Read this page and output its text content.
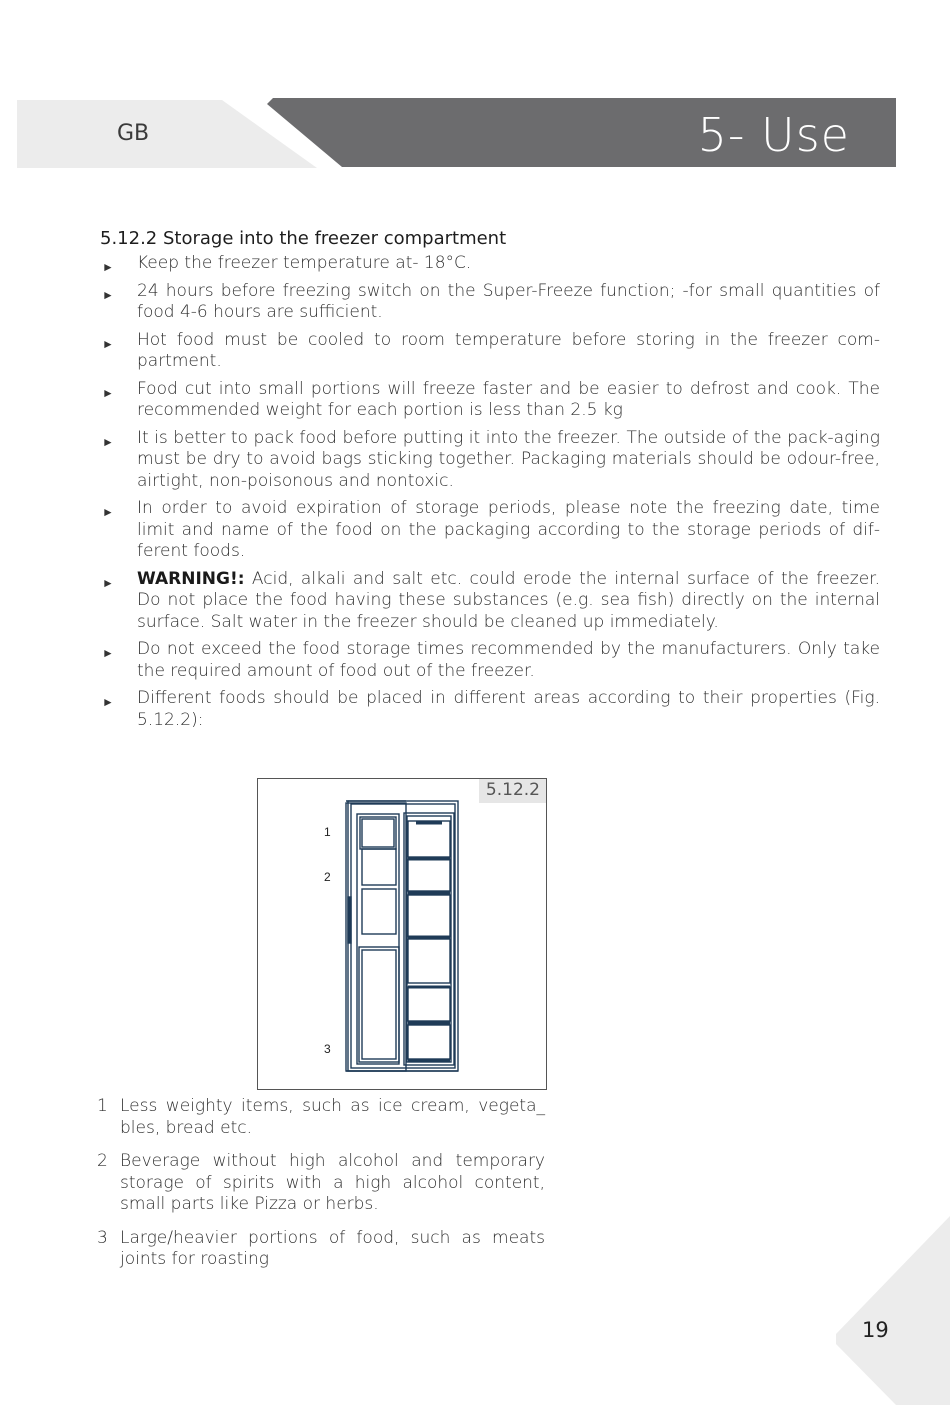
GB	5- Use
5.12.2 Storage into the freezer compartment
► Keep the freezer temperature at- 18°C.
► 24 hours before freezing switch on the Super-Freeze function; -for small quantities of food 4-6 hours are sufficient.
► Hot food must be cooled to room temperature before storing in the freezer com-partment.
► Food cut into small portions will freeze faster and be easier to defrost and cook. The recommended weight for each portion is less than 2.5 kg
► It is better to pack food before putting it into the freezer. The outside of the pack-aging must be dry to avoid bags sticking together. Packaging materials should be odour-free, airtight, non-poisonous and nontoxic.
► In order to avoid expiration of storage periods, please note the freezing date, time limit and name of the food on the packaging according to the storage periods of dif-ferent foods.
► WARNING!: Acid, alkali and salt etc. could erode the internal surface of the freezer. Do not place the food having these substances (e.g. sea fish) directly on the internal surface. Salt water in the freezer should be cleaned up immediately.
► Do not exceed the food storage times recommended by the manufacturers. Only take the required amount of food out of the freezer.
► Different foods should be placed in different areas according to their properties (Fig. 5.12.2):
5.12.2
1
2
3
1 Less weighty items, such as ice cream, vegeta_ bles, bread etc.
2 Beverage without high alcohol and temporary storage of spirits with a high alcohol content, small parts like Pizza or herbs.
3 Large/heavier portions of food, such as meats joints for roasting
19
